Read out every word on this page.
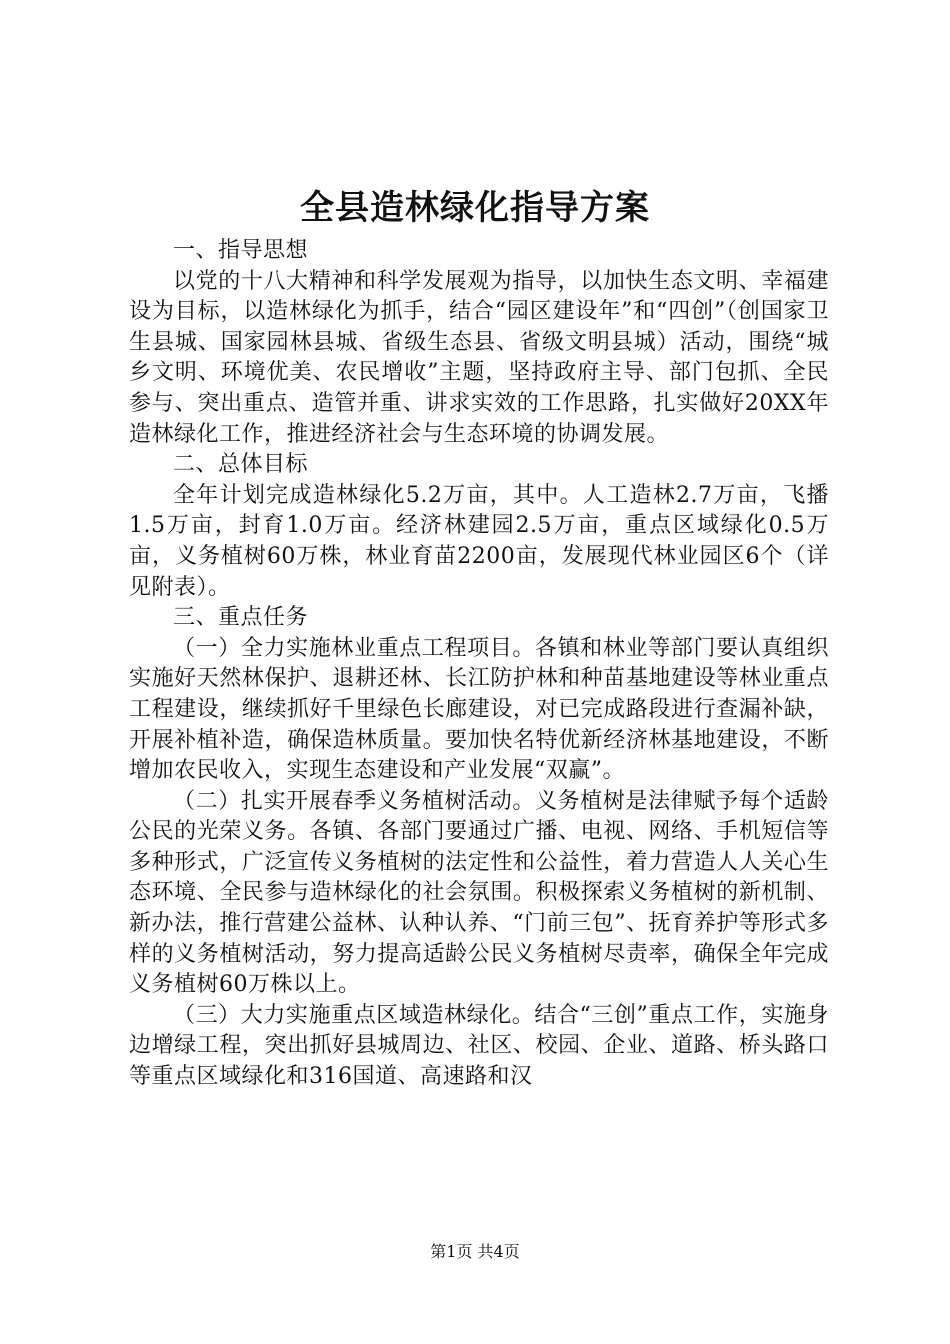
全县造林绿化指导方案

一、指导思想

以党的十八大精神和科学发展观为指导，以加快生态文明、幸福建设为目标，以造林绿化为抓手，结合“园区建设年”和“四创”（创国家卫生县城、国家园林县城、省级生态县、省级文明县城）活动，围绕“城乡文明、环境优美、农民增收”主题，坚持政府主导、部门包抓、全民参与、突出重点、造管并重、讲求实效的工作思路，扎实做好20XX年造林绿化工作，推进经济社会与生态环境的协调发展。

二、总体目标

全年计划完成造林绿化5.2万亩，其中。人工造林2.7万亩，飞播1.5万亩，封育1.0万亩。经济林建园2.5万亩，重点区域绿化0.5万亩，义务植树60万株，林业育苗2200亩，发展现代林业园区6个（详见附表）。

三、重点任务

（一）全力实施林业重点工程项目。各镇和林业等部门要认真组织实施好天然林保护、退耕还林、长江防护林和种苗基地建设等林业重点工程建设，继续抓好千里绿色长廊建设，对已完成路段进行查漏补缺，开展补植补造，确保造林质量。要加快名特优新经济林基地建设，不断增加农民收入，实现生态建设和产业发展“双赢”。

（二）扎实开展春季义务植树活动。义务植树是法律赋予每个适龄公民的光荣义务。各镇、各部门要通过广播、电视、网络、手机短信等多种形式，广泛宣传义务植树的法定性和公益性，着力营造人人关心生态环境、全民参与造林绿化的社会氛围。积极探索义务植树的新机制、新办法，推行营建公益林、认种认养、“门前三包”、抚育养护等形式多样的义务植树活动，努力提高适龄公民义务植树尽责率，确保全年完成义务植树60万株以上。

（三）大力实施重点区域造林绿化。结合“三创”重点工作，实施身边增绿工程，突出抓好县城周边、社区、校园、企业、道路、桥头路口等重点区域绿化和316国道、高速路和汉

第1页 共4页
